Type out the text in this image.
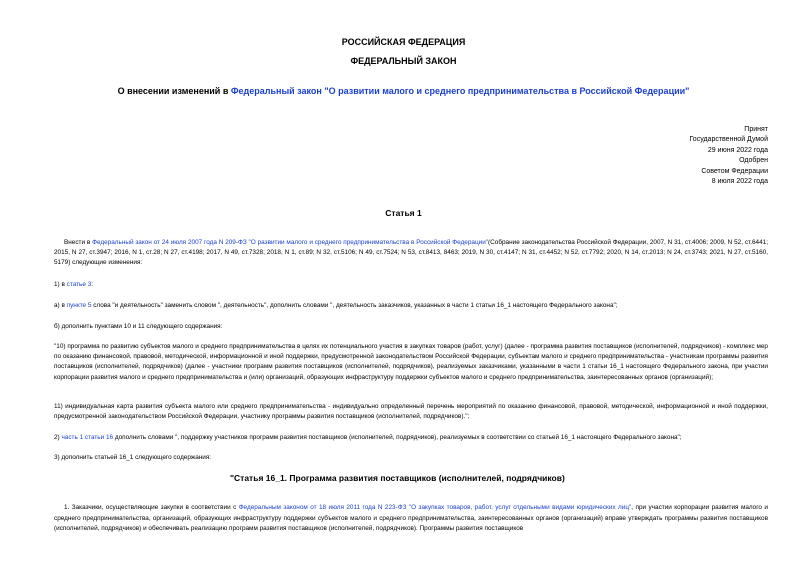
РОССИЙСКАЯ ФЕДЕРАЦИЯ
ФЕДЕРАЛЬНЫЙ ЗАКОН
О внесении изменений в Федеральный закон "О развитии малого и среднего предпринимательства в Российской Федерации"
Принят
Государственной Думой
29 июня 2022 года
Одобрен
Советом Федерации
8 июля 2022 года
Статья 1
Внести в Федеральный закон от 24 июля 2007 года N 209-ФЗ "О развитии малого и среднего предпринимательства в Российской Федерации"(Собрание законодательства Российской Федерации, 2007, N 31, ст.4006; 2009, N 52, ст.6441; 2015, N 27, ст.3947; 2016, N 1, ст.28; N 27, ст.4198; 2017, N 49, ст.7328; 2018, N 1, ст.89; N 32, ст.5106; N 49, ст.7524; N 53, ст.8413, 8463; 2019, N 30, ст.4147; N 31, ст.4452; N 52, ст.7792; 2020, N 14, ст.2013; N 24, ст.3743; 2021, N 27, ст.5160, 5179) следующие изменения:
1) в статье 3:
а) в пункте 5 слова "и деятельность" заменить словом ", деятельность", дополнить словами ", деятельность заказчиков, указанных в части 1 статьи 16_1 настоящего Федерального закона";
б) дополнить пунктами 10 и 11 следующего содержания:
"10) программа по развитию субъектов малого и среднего предпринимательства в целях их потенциального участия в закупках товаров (работ, услуг) (далее - программа развития поставщиков (исполнителей, подрядчиков) - комплекс мер по оказанию финансовой, правовой, методической, информационной и иной поддержки, предусмотренной законодательством Российской Федерации, субъектам малого и среднего предпринимательства - участникам программы развития поставщиков (исполнителей, подрядчиков) (далее - участники программ развития поставщиков (исполнителей, подрядчиков), реализуемых заказчиками, указанными в части 1 статьи 16_1 настоящего Федерального закона, при участии корпорации развития малого и среднего предпринимательства и (или) организаций, образующих инфраструктуру поддержки субъектов малого и среднего предпринимательства, заинтересованных органов (организаций);
11) индивидуальная карта развития субъекта малого или среднего предпринимательства - индивидуально определенный перечень мероприятий по оказанию финансовой, правовой, методической, информационной и иной поддержки, предусмотренной законодательством Российской Федерации, участнику программы развития поставщиков (исполнителей, подрядчиков).";
2) часть 1 статьи 16 дополнить словами ", поддержку участников программ развития поставщиков (исполнителей, подрядчиков), реализуемых в соответствии со статьей 16_1 настоящего Федерального закона";
3) дополнить статьей 16_1 следующего содержания:
"Статья 16_1. Программа развития поставщиков (исполнителей, подрядчиков)
1. Заказчики, осуществляющие закупки в соответствии с Федеральным законом от 18 июля 2011 года N 223-ФЗ "О закупках товаров, работ, услуг отдельными видами юридических лиц", при участии корпорации развития малого и среднего предпринимательства, организаций, образующих инфраструктуру поддержки субъектов малого и среднего предпринимательства, заинтересованных органов (организаций) вправе утверждать программы развития поставщиков (исполнителей, подрядчиков) и обеспечивать реализацию программ развития поставщиков (исполнителей, подрядчиков). Программы развития поставщиков
